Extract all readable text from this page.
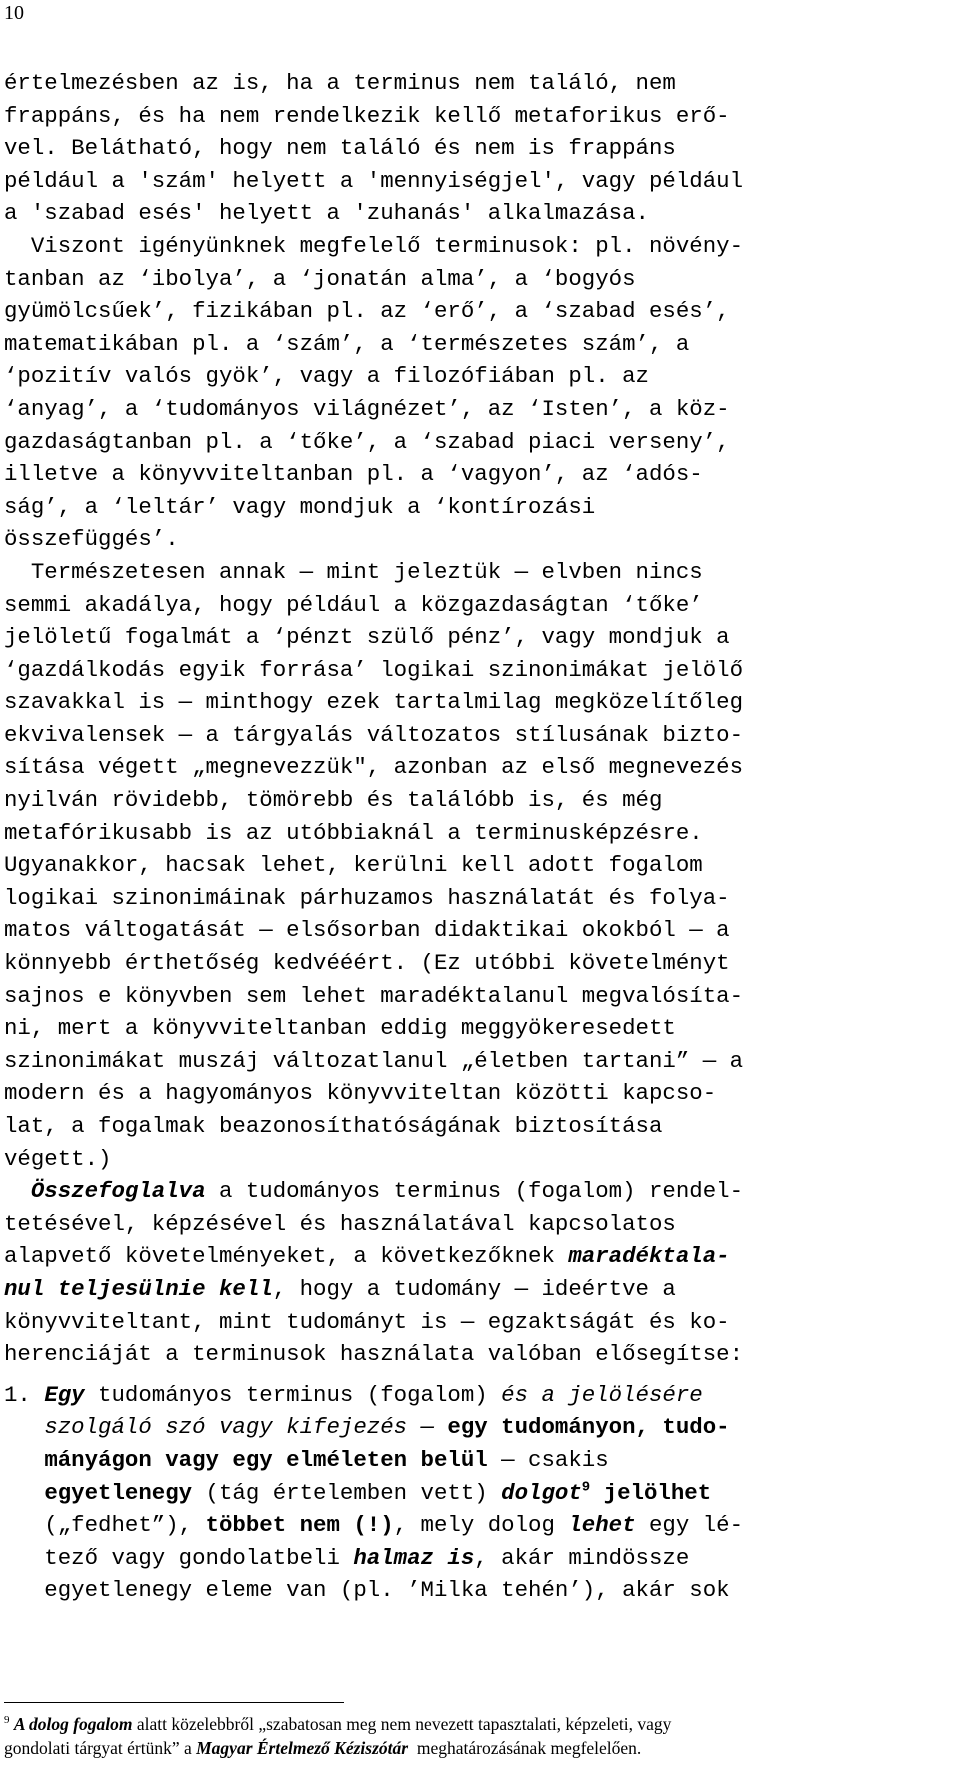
10
értelmezésben az is, ha a terminus nem találó, nem
frappáns, és ha nem rendelkezik kellő metaforikus erő-
vel. Belátható, hogy nem találó és nem is frappáns
például a 'szám' helyett a 'mennyiségjel', vagy például
a 'szabad esés' helyett a 'zuhanás' alkalmazása.
Viszont igényünknek megfelelő terminusok: pl. növény-
tanban az ‘ibolya’, a ‘jonatán alma’, a ‘bogyós
gyümölcsűek’, fizikában pl. az ‘erő’, a ‘szabad esés’,
matematikában pl. a ‘szám’, a ‘természetes szám’, a
‘pozitív valós gyök’, vagy a filozófiában pl. az
‘anyag’, a ‘tudományos világnézet’, az ‘Isten’, a köz-
gazdaságtanban pl. a ‘tőke’, a ‘szabad piaci verseny’,
illetve a könyvviteltanban pl. a ‘vagyon’, az ‘adós-
ság’, a ‘leltár’ vagy mondjuk a ‘kontírozási
összefüggés’.
Természetesen annak — mint jeleztük — elvben nincs
semmi akadálya, hogy például a közgazdaságtan ‘tőke’
jelöletű fogalmát a ‘pénzt szülő pénz’, vagy mondjuk a
‘gazdálkodás egyik forrása’ logikai szinonimákat jelölő
szavakkal is — minthogy ezek tartalmilag megközelítőleg
ekvivalensek — a tárgyalás változatos stílusának bizto-
sítása végett „megnevezzük", azonban az első megnevezés
nyilván rövidebb, tömörebb és találóbb is, és még
metafórikusabb is az utóbbiaknál a terminusképzésre.
Ugyanakkor, hacsak lehet, kerülni kell adott fogalom
logikai szinonimáinak párhuzamos használatát és folya-
matos váltogatását — elsősorban didaktikai okokból — a
könnyebb érthetőség kedvééért. (Ez utóbbi követelményt
sajnos e könyvben sem lehet maradéktalanul megvalósíta-
ni, mert a könyvviteltanban eddig meggyökeresedett
szinonimákat muszáj változatlanul „életben tartani” — a
modern és a hagyományos könyvviteltan közötti kapcso-
lat, a fogalmak beazonosíthatóságának biztosítása
végett.)
Összefoglalva a tudományos terminus (fogalom) rendel-
tetésével, képzésével és használatával kapcsolatos
alapvető követelményeket, a következőknek maradéktala-
nul teljesülnie kell, hogy a tudomány — ideértve a
könyvviteltant, mint tudományt is — egzaktságát és ko-
herenciáját a terminusok használata valóban elősegítse:
1. Egy tudományos terminus (fogalom) és a jelölésére
szolgáló szó vagy kifejezés — egy tudományon, tudo-
mányágon vagy egy elméleten belül — csakis
egyetlenegy (tág értelemben vett) dolgot$^9$ jelölhet
(„fedhet”), többet nem (!), mely dolog lehet egy lé-
tező vagy gondolatbeli halmaz is, akár mindössze
egyetlenegy eleme van (pl. ’Milka tehén’), akár sok
$^9$ A dolog fogalom alatt közelebbről „szabatosan meg nem nevezett tapasztalati, képzeleti, vagy
gondolati tárgyat értünk” a Magyar Értelmező Kéziszótár  meghatározásának megfelelően.
